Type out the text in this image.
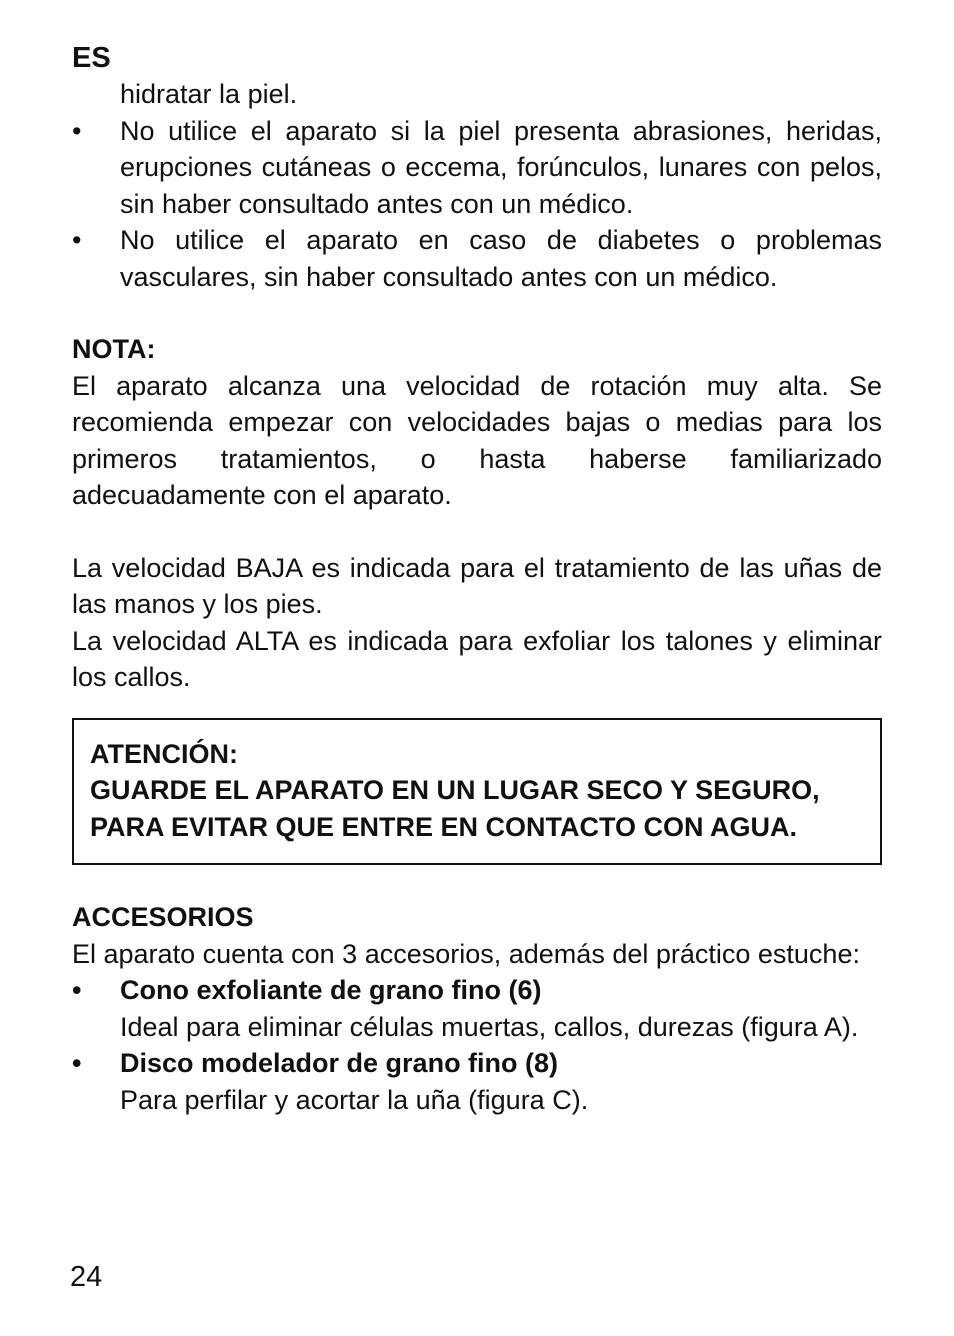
ES

hidratar la piel.

•	No utilice el aparato si la piel presenta abrasiones, heridas, erupciones cutáneas o eccema, forúnculos, lunares con pelos, sin haber consultado antes con un médico.
•	No utilice el aparato en caso de diabetes o problemas vasculares, sin haber consultado antes con un médico.
NOTA:

El aparato alcanza una velocidad de rotación muy alta. Se recomienda empezar con velocidades bajas o medias para los primeros tratamientos, o hasta haberse familiarizado adecuadamente con el aparato.

La velocidad BAJA es indicada para el tratamiento de las uñas de las manos y los pies.

La velocidad ALTA es indicada para exfoliar los talones y eliminar los callos.

ATENCIÓN:
GUARDE EL APARATO EN UN LUGAR SECO Y SEGURO,
PARA EVITAR QUE ENTRE EN CONTACTO CON AGUA.
ACCESORIOS

El aparato cuenta con 3 accesorios, además del práctico estuche:

•	Cono exfoliante de grano fino (6)
Ideal para eliminar células muertas, callos, durezas (figura A).
•	Disco modelador de grano fino (8)
Para perfilar y acortar la uña (figura C).
24
